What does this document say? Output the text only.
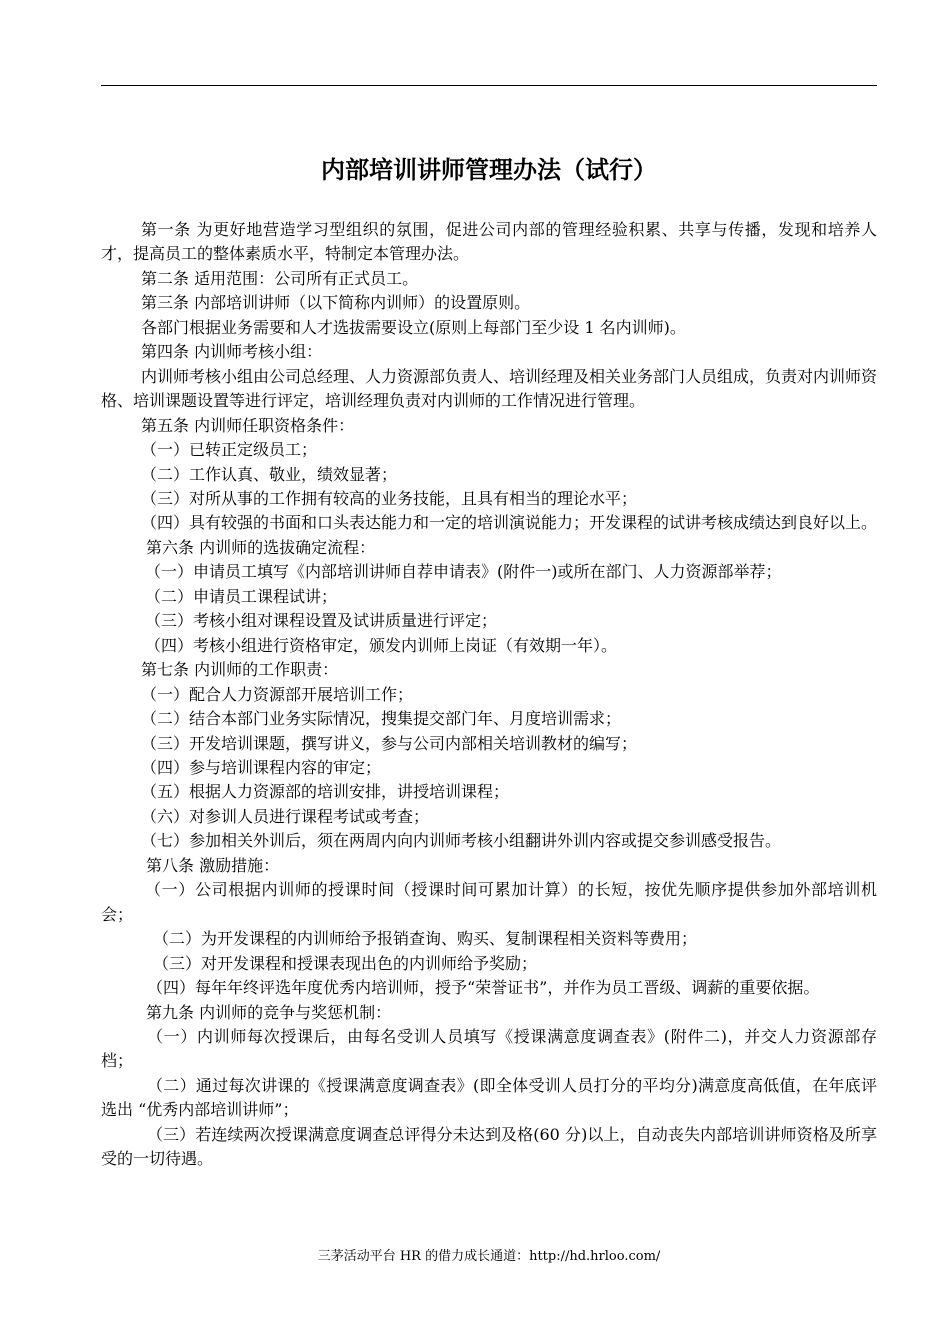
内部培训讲师管理办法（试行）

第一条 为更好地营造学习型组织的氛围，促进公司内部的管理经验积累、共享与传播，发现和培养人才，提高员工的整体素质水平，特制定本管理办法。

第二条 适用范围：公司所有正式员工。

第三条 内部培训讲师（以下简称内训师）的设置原则。

各部门根据业务需要和人才选拔需要设立(原则上每部门至少设 1 名内训师)。

第四条 内训师考核小组：

内训师考核小组由公司总经理、人力资源部负责人、培训经理及相关业务部门人员组成，负责对内训师资格、培训课题设置等进行评定，培训经理负责对内训师的工作情况进行管理。

第五条 内训师任职资格条件：

（一）已转正定级员工；

（二）工作认真、敬业，绩效显著；

（三）对所从事的工作拥有较高的业务技能，且具有相当的理论水平；

（四）具有较强的书面和口头表达能力和一定的培训演说能力；开发课程的试讲考核成绩达到良好以上。

第六条 内训师的选拔确定流程：

（一）申请员工填写《内部培训讲师自荐申请表》(附件一)或所在部门、人力资源部举荐；

（二）申请员工课程试讲；

（三）考核小组对课程设置及试讲质量进行评定；

（四）考核小组进行资格审定，颁发内训师上岗证（有效期一年）。

第七条 内训师的工作职责：

（一）配合人力资源部开展培训工作；

（二）结合本部门业务实际情况，搜集提交部门年、月度培训需求；

（三）开发培训课题，撰写讲义，参与公司内部相关培训教材的编写；

（四）参与培训课程内容的审定；

（五）根据人力资源部的培训安排，讲授培训课程；

（六）对参训人员进行课程考试或考查；

（七）参加相关外训后，须在两周内向内训师考核小组翻讲外训内容或提交参训感受报告。

第八条 激励措施：

（一）公司根据内训师的授课时间（授课时间可累加计算）的长短，按优先顺序提供参加外部培训机会；

（二）为开发课程的内训师给予报销查询、购买、复制课程相关资料等费用；

（三）对开发课程和授课表现出色的内训师给予奖励；

（四）每年年终评选年度优秀内培训师，授予“荣誉证书”，并作为员工晋级、调薪的重要依据。

第九条 内训师的竞争与奖惩机制：

（一）内训师每次授课后，由每名受训人员填写《授课满意度调查表》(附件二)，并交人力资源部存档；

（二）通过每次讲课的《授课满意度调查表》(即全体受训人员打分的平均分)满意度高低值，在年底评选出 “优秀内部培训讲师”；

（三）若连续两次授课满意度调查总评得分未达到及格(60 分)以上，自动丧失内部培训讲师资格及所享受的一切待遇。

三茅活动平台 HR 的借力成长通道：http://hd.hrloo.com/
